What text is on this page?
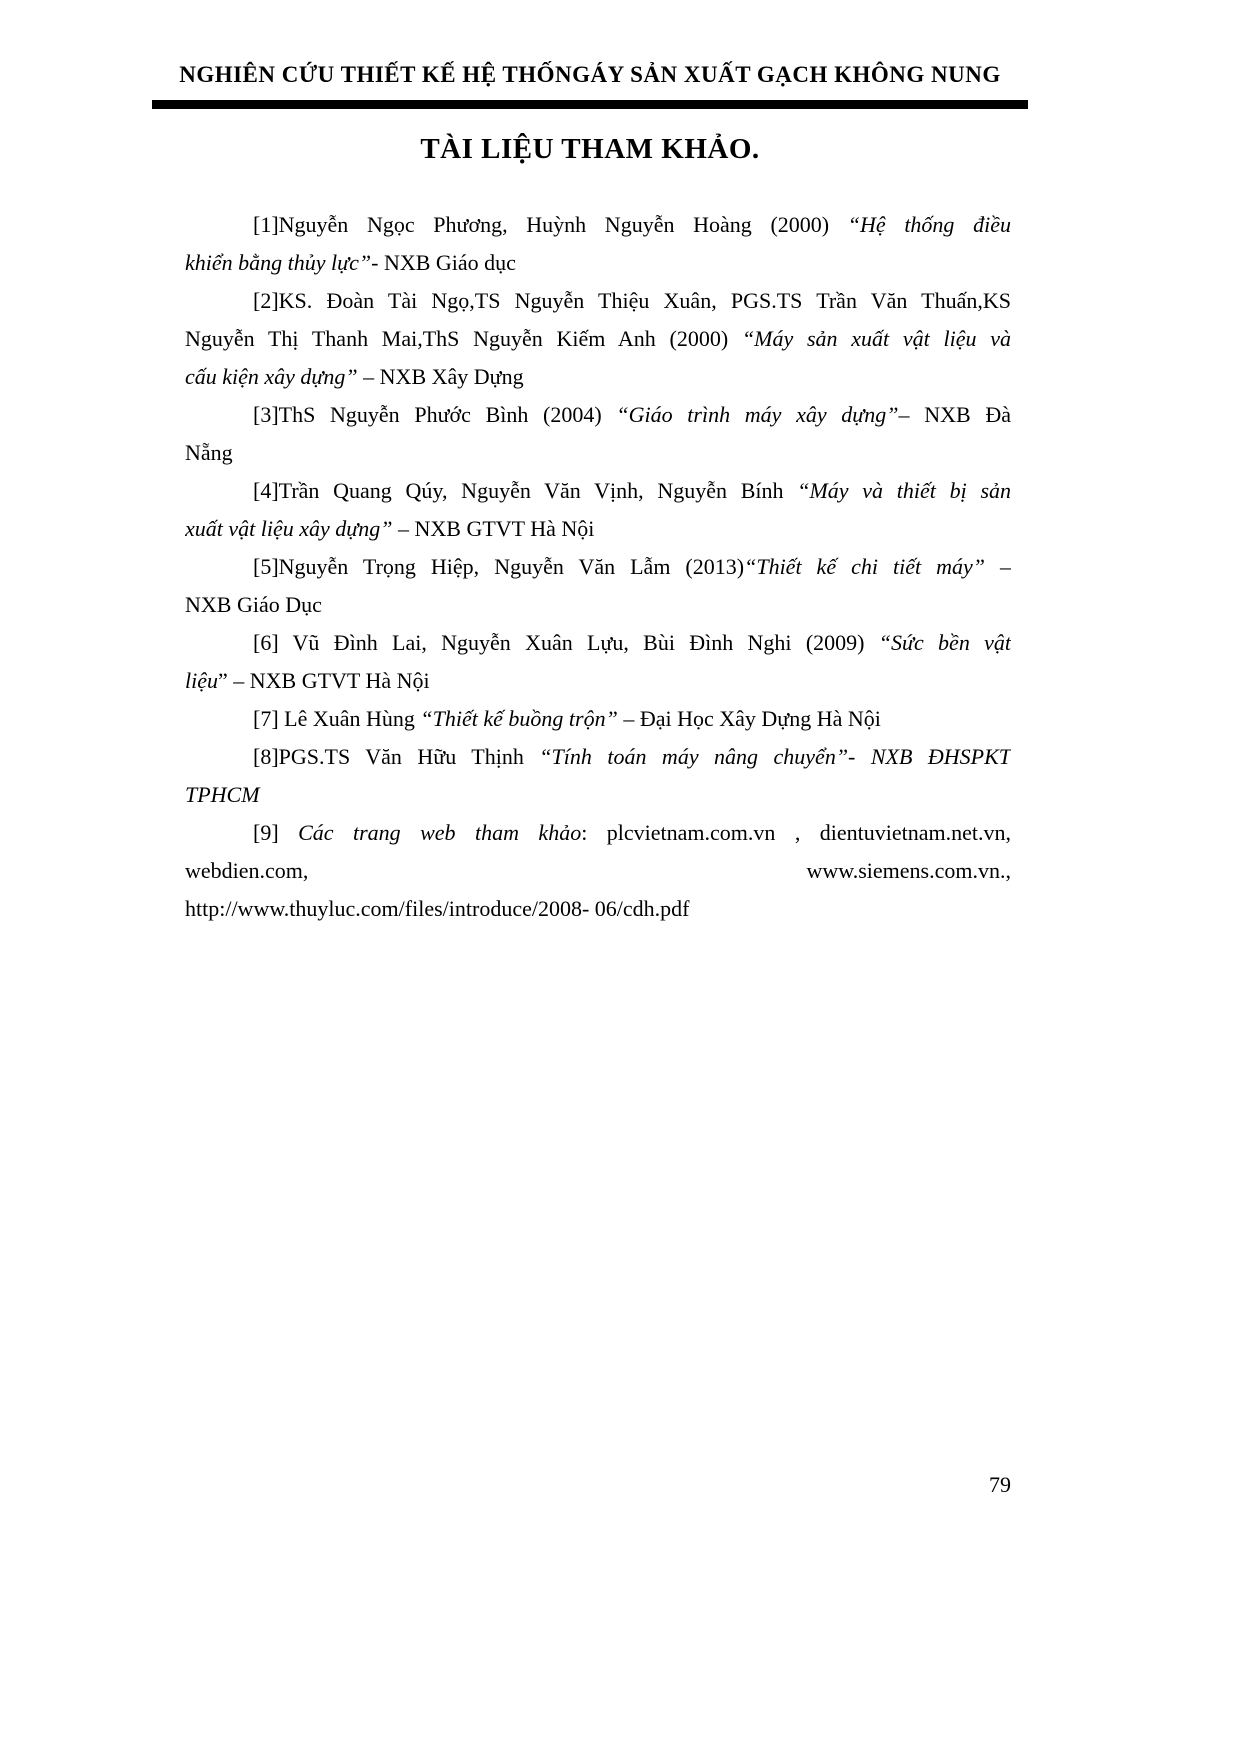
NGHIÊN CỨU THIẾT KẾ HỆ THỐNGÁY SẢN XUẤT GẠCH KHÔNG NUNG
TÀI LIỆU THAM KHẢO.
[1]Nguyễn Ngọc Phương, Huỳnh Nguyễn Hoàng (2000) “Hệ thống điều
khiển bằng thủy lực”- NXB Giáo dục
[2]KS. Đoàn Tài Ngọ,TS Nguyễn Thiệu Xuân, PGS.TS Trần Văn Thuấn,KS
Nguyễn Thị Thanh Mai,ThS Nguyễn Kiếm Anh (2000) “Máy sản xuất vật liệu và
cấu kiện xây dựng” – NXB Xây Dựng
[3]ThS Nguyễn Phước Bình (2004) “Giáo trình máy xây dựng”– NXB Đà
Nẵng
[4]Trần Quang Qúy, Nguyễn Văn Vịnh, Nguyễn Bính “Máy và thiết bị sản
xuất vật liệu xây dựng” – NXB GTVT Hà Nội
[5]Nguyễn Trọng Hiệp, Nguyễn Văn Lẫm (2013)“Thiết kế chi tiết máy” –
NXB Giáo Dục
[6] Vũ Đình Lai, Nguyễn Xuân Lựu, Bùi Đình Nghi (2009) “Sức bền vật
liệu” – NXB GTVT Hà Nội
[7] Lê Xuân Hùng “Thiết kế buồng trộn” – Đại Học Xây Dựng Hà Nội
[8]PGS.TS Văn Hữu Thịnh “Tính toán máy nâng chuyển”- NXB ĐHSPKT
TPHCM
[9] Các trang web tham khảo: plcvietnam.com.vn , dientuvietnam.net.vn,
webdien.com,	www.siemens.com.vn.,
http://www.thuyluc.com/files/introduce/2008- 06/cdh.pdf
79
